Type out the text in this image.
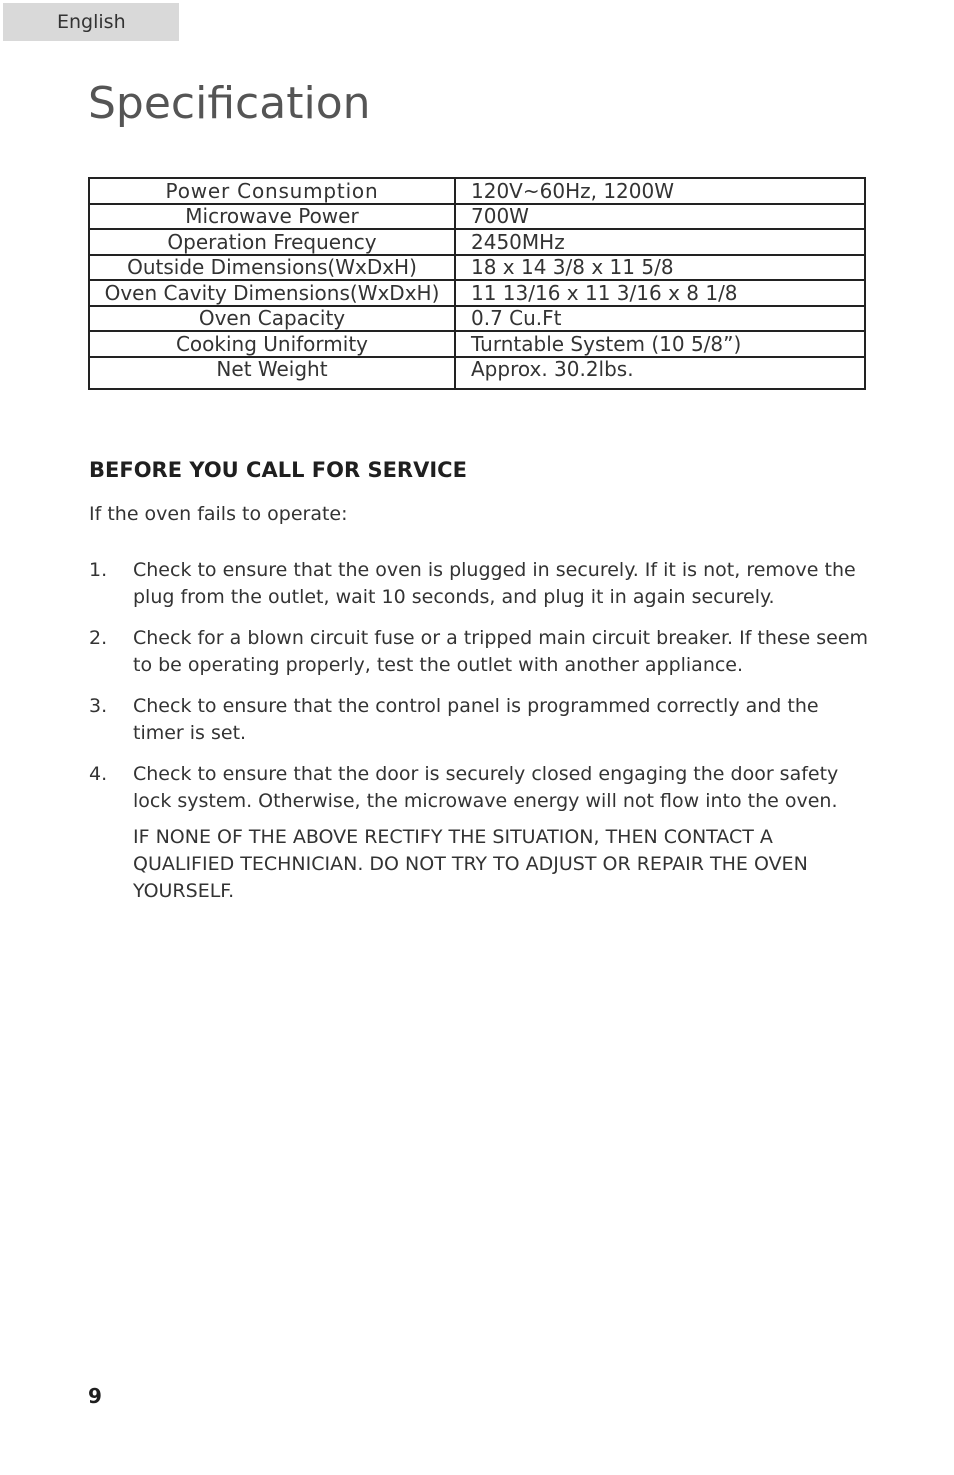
English
Specification
Power Consumption	120V~60Hz, 1200W
Microwave Power	700W
Operation Frequency	2450MHz
Outside Dimensions(WxDxH)	18 x 14 3/8 x 11 5/8
Oven Cavity Dimensions(WxDxH)	11 13/16 x 11 3/16 x 8 1/8
Oven Capacity	0.7 Cu.Ft
Cooking Uniformity	Turntable System (10 5/8”)
Net Weight	Approx. 30.2lbs.
BEFORE YOU CALL FOR SERVICE

If the oven fails to operate:

1. Check to ensure that the oven is plugged in securely. If it is not, remove the plug from the outlet, wait 10 seconds, and plug it in again securely.
2. Check for a blown circuit fuse or a tripped main circuit breaker. If these seem to be operating properly, test the outlet with another appliance.
3. Check to ensure that the control panel is programmed correctly and the timer is set.
4. Check to ensure that the door is securely closed engaging the door safety lock system. Otherwise, the microwave energy will not flow into the oven.

IF NONE OF THE ABOVE RECTIFY THE SITUATION, THEN CONTACT A QUALIFIED TECHNICIAN. DO NOT TRY TO ADJUST OR REPAIR THE OVEN YOURSELF.

9
